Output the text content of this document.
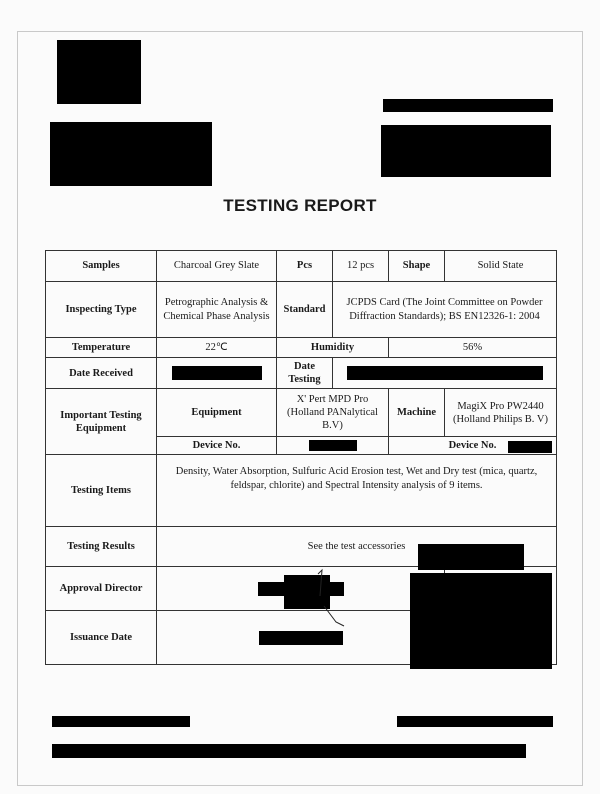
TESTING REPORT
Samples	Charcoal Grey Slate	Pcs	12 pcs	Shape	Solid State
Inspecting Type	Petrographic Analysis & Chemical Phase Analysis	Standard	JCPDS Card (The Joint Committee on Powder Diffraction Standards); BS EN12326-1: 2004		
Temperature	22℃	Humidity		56%	
Date Received		Date Testing			
Important Testing Equipment	Equipment	X' Pert MPD Pro (Holland PANalytical B.V)		Machine	MagiX Pro PW2440 (Holland Philips B. V)
	Device No.			Device No.	
Testing Items	Density, Water Absorption, Sulfuric Acid Erosion test, Wet and Dry test (mica, quartz, feldspar, chlorite) and Spectral Intensity analysis of 9 items.				
Testing Results	See the test accessories				
Approval Director					
Issuance Date					
